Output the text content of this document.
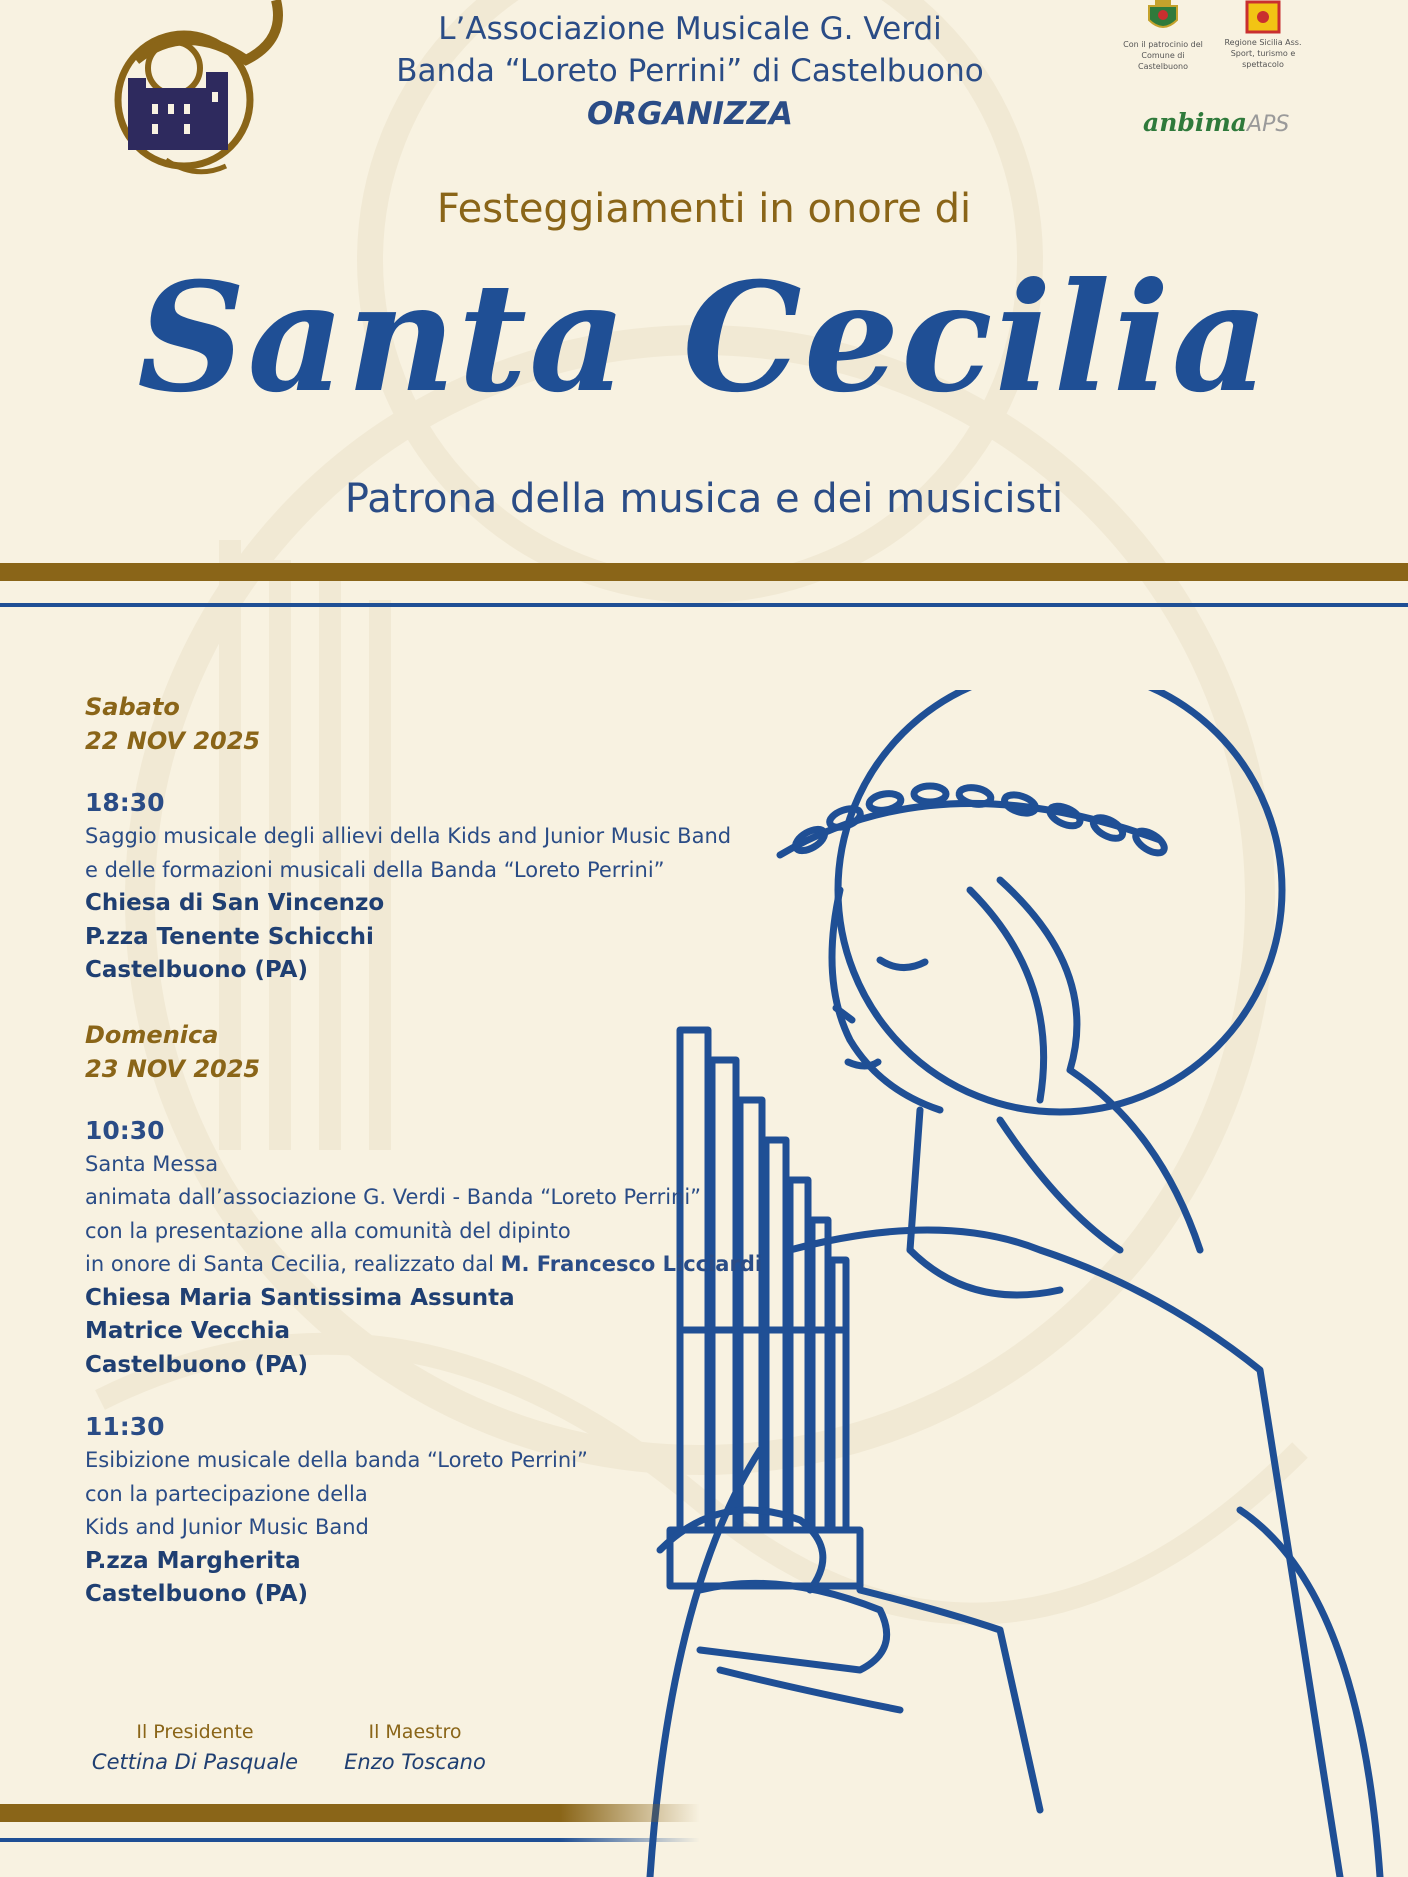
L’Associazione Musicale G. Verdi
Banda “Loreto Perrini” di Castelbuono
ORGANIZZA
Con il patrocinio del Comune di Castelbuono
Regione Sicilia Ass. Sport, turismo e spettacolo
anbimaAPS
Festeggiamenti in onore di
Santa Cecilia
Patrona della musica e dei musicisti
Sabato
22 NOV 2025
18:30
Saggio musicale degli allievi della Kids and Junior Music Band
e delle formazioni musicali della Banda “Loreto Perrini”
Chiesa di San Vincenzo
P.zza Tenente Schicchi
Castelbuono (PA)
Domenica
23 NOV 2025
10:30
Santa Messa
animata dall’associazione G. Verdi - Banda “Loreto Perrini”
con la presentazione alla comunità del dipinto
in onore di Santa Cecilia, realizzato dal M. Francesco Licciardi
Chiesa Maria Santissima Assunta
Matrice Vecchia
Castelbuono (PA)
11:30
Esibizione musicale della banda “Loreto Perrini”
con la partecipazione della
Kids and Junior Music Band
P.zza Margherita
Castelbuono (PA)
Il Presidente
Cettina Di Pasquale
Il Maestro
Enzo Toscano
